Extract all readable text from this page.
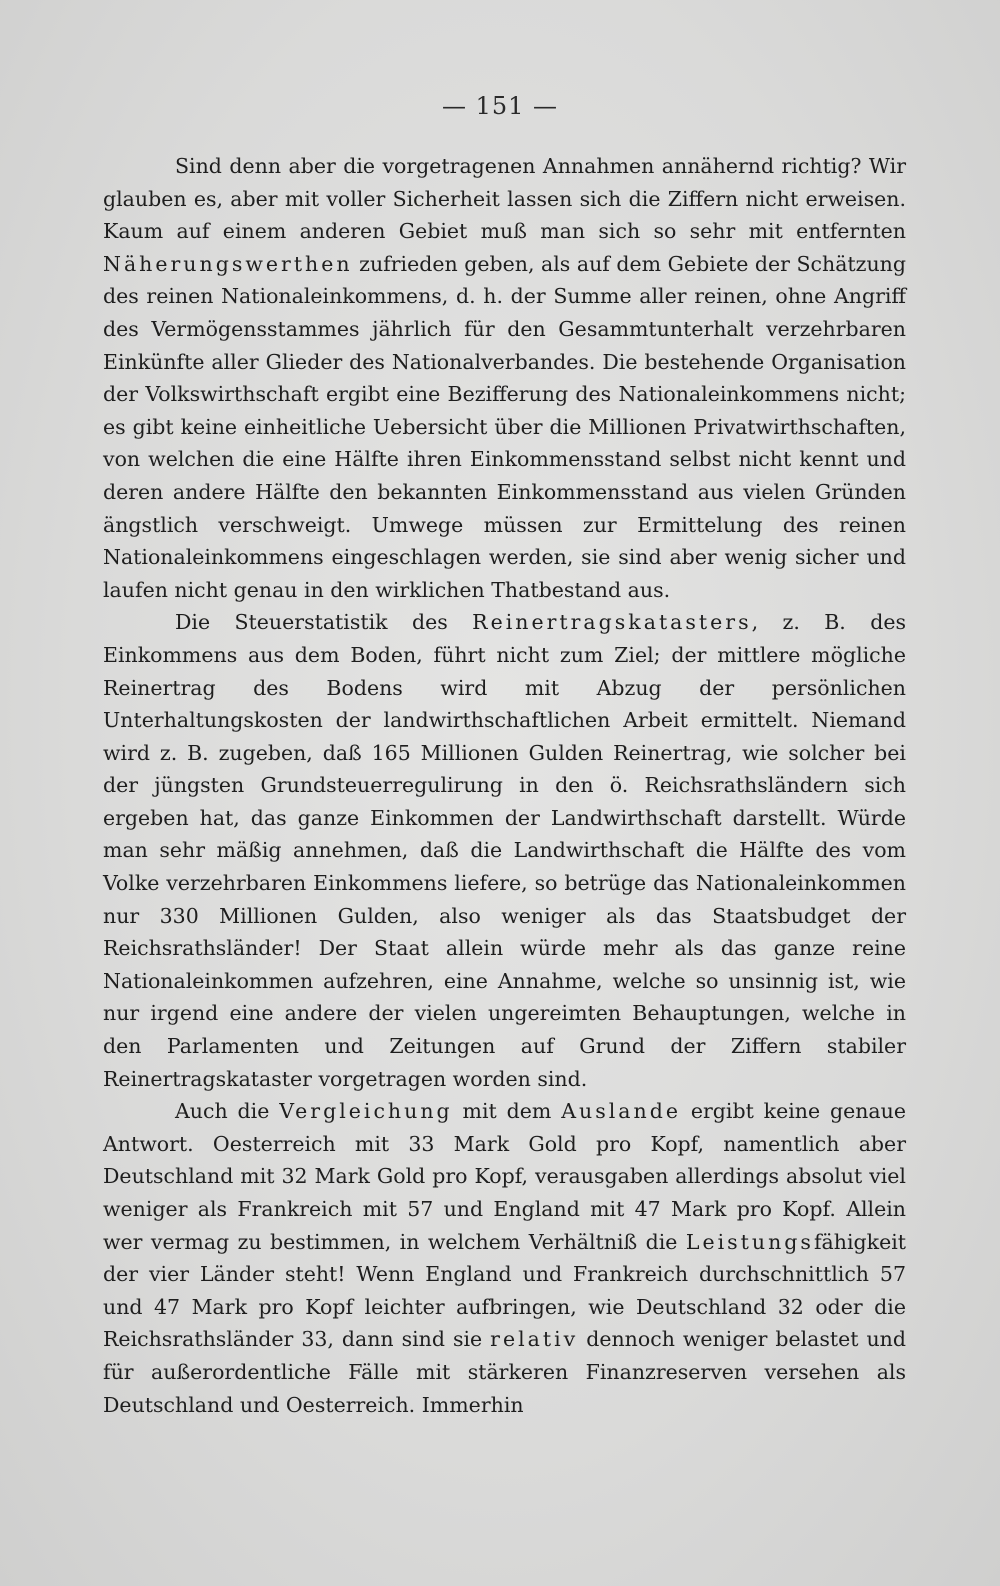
— 151 —

Sind denn aber die vorgetragenen Annahmen annähernd richtig? Wir glauben es, aber mit voller Sicherheit lassen sich die Ziffern nicht erweisen. Kaum auf einem anderen Gebiet muß man sich so sehr mit entfernten Näherungswerthen zufrieden geben, als auf dem Gebiete der Schätzung des reinen Nationaleinkommens, d. h. der Summe aller reinen, ohne Angriff des Vermögensstammes jährlich für den Gesammtunterhalt verzehrbaren Einkünfte aller Glieder des Nationalverbandes. Die bestehende Organisation der Volkswirthschaft ergibt eine Bezifferung des Nationaleinkommens nicht; es gibt keine einheitliche Uebersicht über die Millionen Privatwirthschaften, von welchen die eine Hälfte ihren Einkommensstand selbst nicht kennt und deren andere Hälfte den bekannten Einkommensstand aus vielen Gründen ängstlich verschweigt. Umwege müssen zur Ermittelung des reinen Nationaleinkommens eingeschlagen werden, sie sind aber wenig sicher und laufen nicht genau in den wirklichen Thatbestand aus.

Die Steuerstatistik des Reinertragskatasters, z. B. des Einkommens aus dem Boden, führt nicht zum Ziel; der mittlere mögliche Reinertrag des Bodens wird mit Abzug der persönlichen Unterhaltungskosten der landwirthschaftlichen Arbeit ermittelt. Niemand wird z. B. zugeben, daß 165 Millionen Gulden Reinertrag, wie solcher bei der jüngsten Grundsteuerregulirung in den ö. Reichsrathsländern sich ergeben hat, das ganze Einkommen der Landwirthschaft darstellt. Würde man sehr mäßig annehmen, daß die Landwirthschaft die Hälfte des vom Volke verzehrbaren Einkommens liefere, so betrüge das Nationaleinkommen nur 330 Millionen Gulden, also weniger als das Staatsbudget der Reichsrathsländer! Der Staat allein würde mehr als das ganze reine Nationaleinkommen aufzehren, eine Annahme, welche so unsinnig ist, wie nur irgend eine andere der vielen ungereimten Behauptungen, welche in den Parlamenten und Zeitungen auf Grund der Ziffern stabiler Reinertragskataster vorgetragen worden sind.

Auch die Vergleichung mit dem Auslande ergibt keine genaue Antwort. Oesterreich mit 33 Mark Gold pro Kopf, namentlich aber Deutschland mit 32 Mark Gold pro Kopf, verausgaben allerdings absolut viel weniger als Frankreich mit 57 und England mit 47 Mark pro Kopf. Allein wer vermag zu bestimmen, in welchem Verhältniß die Leistungsfähigkeit der vier Länder steht! Wenn England und Frankreich durchschnittlich 57 und 47 Mark pro Kopf leichter aufbringen, wie Deutschland 32 oder die Reichsrathsländer 33, dann sind sie relativ dennoch weniger belastet und für außerordentliche Fälle mit stärkeren Finanzreserven versehen als Deutschland und Oesterreich. Immerhin
